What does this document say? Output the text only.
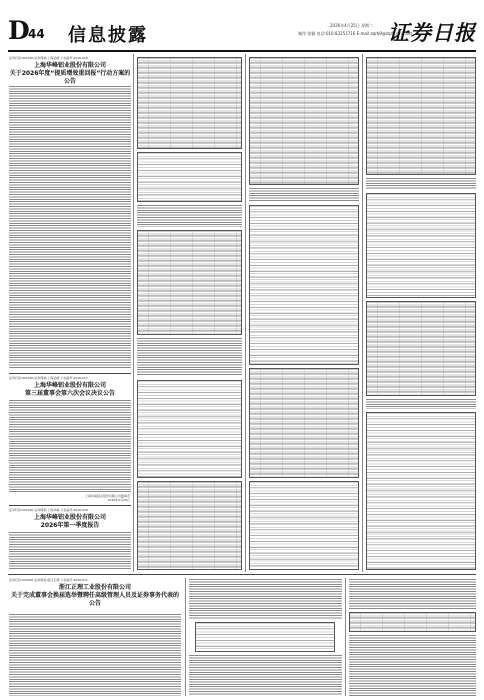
D
44 信息披露	2026年4月25日 星期二
制作:张颖 电话:010-83251716 E-mail:zqrb9@zqrb.sina.net
证券日报
证券代码:601000 证券简称:上海华峰 公告编号:2026-016
上海华峰铝业股份有限公司
关于2026年度“提质增效重回报”行动方案的公告
证券代码:601000 证券简称:上海华峰 公告编号:2026-017
上海华峰铝业股份有限公司
第三届董事会第六次会议决议公告
上海华峰铝业股份有限公司董事会
2026年4月25日
证券代码:601000 证券简称:上海华峰 公告编号:2026-018
上海华峰铝业股份有限公司
2026年第一季度报告
证券代码:600000 证券简称:浙江正理 公告编号:2026-011
浙江正理工业股份有限公司
关于完成董事会换届选举暨聘任高级管理人员及证券事务代表的公告
